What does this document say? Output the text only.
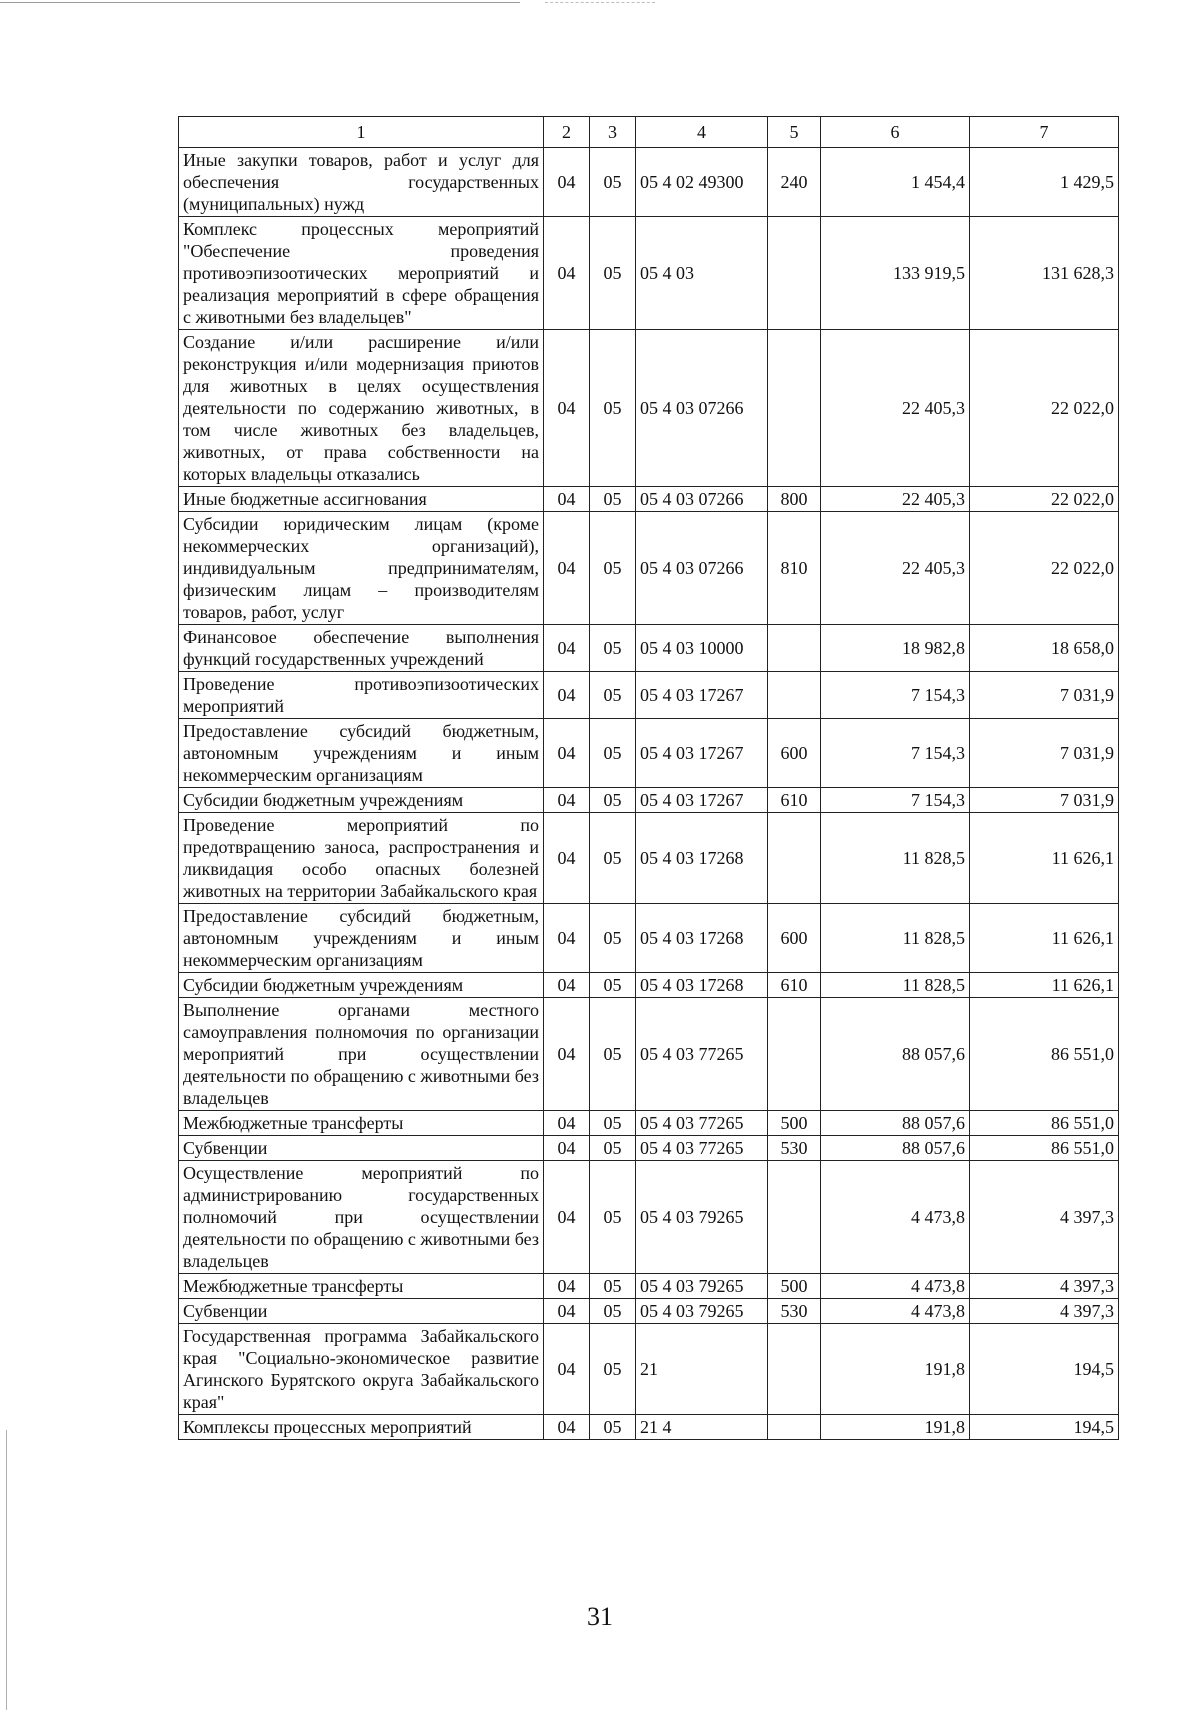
1	2	3	4	5	6	7
Иные закупки товаров, работ и услуг для обеспечения государственных (муниципальных) нужд	04	05	05 4 02 49300	240	1 454,4	1 429,5
Комплекс процессных мероприятий "Обеспечение проведения противоэпизоотических мероприятий и реализация мероприятий в сфере обращения с животными без владельцев"	04	05	05 4 03		133 919,5	131 628,3
Создание и/или расширение и/или реконструкция и/или модернизация приютов для животных в целях осуществления деятельности по содержанию животных, в том числе животных без владельцев, животных, от права собственности на которых владельцы отказались	04	05	05 4 03 07266		22 405,3	22 022,0
Иные бюджетные ассигнования	04	05	05 4 03 07266	800	22 405,3	22 022,0
Субсидии юридическим лицам (кроме некоммерческих организаций), индивидуальным предпринимателям, физическим лицам – производителям товаров, работ, услуг	04	05	05 4 03 07266	810	22 405,3	22 022,0
Финансовое обеспечение выполнения функций государственных учреждений	04	05	05 4 03 10000		18 982,8	18 658,0
Проведение противоэпизоотических мероприятий	04	05	05 4 03 17267		7 154,3	7 031,9
Предоставление субсидий бюджетным, автономным учреждениям и иным некоммерческим организациям	04	05	05 4 03 17267	600	7 154,3	7 031,9
Субсидии бюджетным учреждениям	04	05	05 4 03 17267	610	7 154,3	7 031,9
Проведение мероприятий по предотвращению заноса, распространения и ликвидация особо опасных болезней животных на территории Забайкальского края	04	05	05 4 03 17268		11 828,5	11 626,1
Предоставление субсидий бюджетным, автономным учреждениям и иным некоммерческим организациям	04	05	05 4 03 17268	600	11 828,5	11 626,1
Субсидии бюджетным учреждениям	04	05	05 4 03 17268	610	11 828,5	11 626,1
Выполнение органами местного самоуправления полномочия по организации мероприятий при осуществлении деятельности по обращению с животными без владельцев	04	05	05 4 03 77265		88 057,6	86 551,0
Межбюджетные трансферты	04	05	05 4 03 77265	500	88 057,6	86 551,0
Субвенции	04	05	05 4 03 77265	530	88 057,6	86 551,0
Осуществление мероприятий по администрированию государственных полномочий при осуществлении деятельности по обращению с животными без владельцев	04	05	05 4 03 79265		4 473,8	4 397,3
Межбюджетные трансферты	04	05	05 4 03 79265	500	4 473,8	4 397,3
Субвенции	04	05	05 4 03 79265	530	4 473,8	4 397,3
Государственная программа Забайкальского края "Социально-экономическое развитие Агинского Бурятского округа Забайкальского края"	04	05	21		191,8	194,5
Комплексы процессных мероприятий	04	05	21 4		191,8	194,5
31
